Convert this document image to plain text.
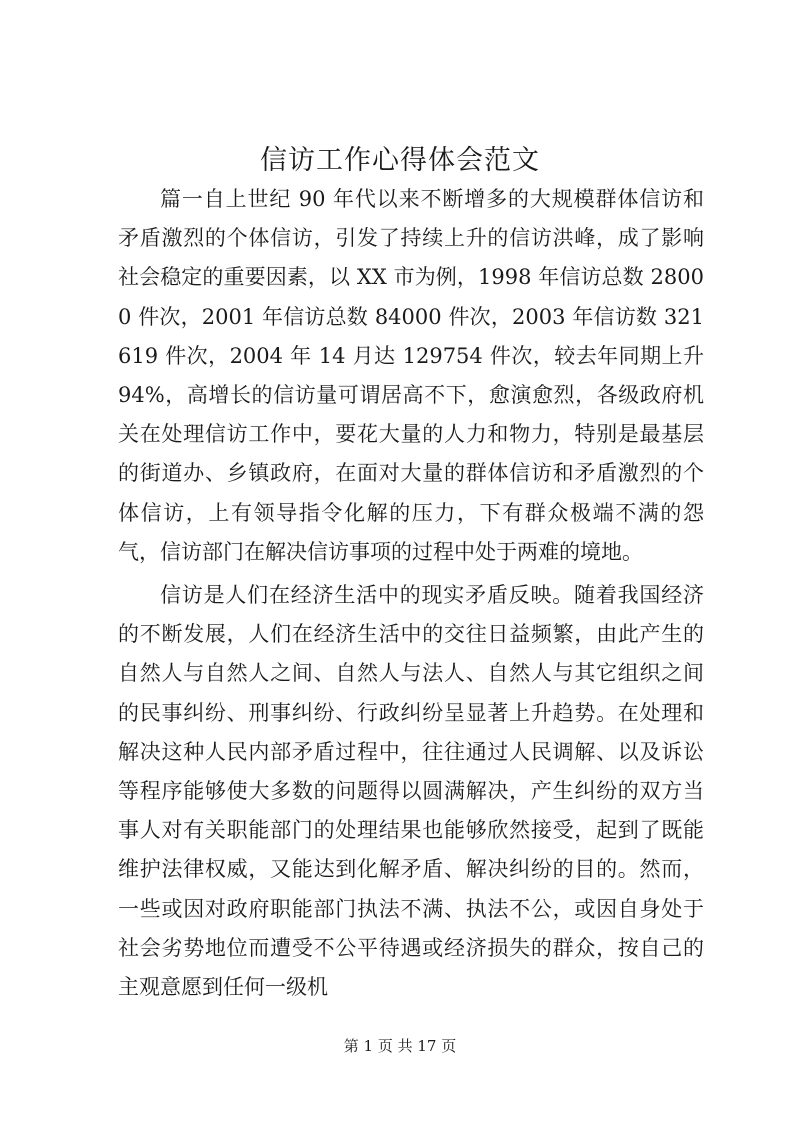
信访工作心得体会范文

篇一自上世纪 90 年代以来不断增多的大规模群体信访和矛盾激烈的个体信访，引发了持续上升的信访洪峰，成了影响社会稳定的重要因素，以 XX 市为例，1998 年信访总数 28000 件次，2001 年信访总数 84000 件次，2003 年信访数 321619 件次，2004 年 14 月达 129754 件次，较去年同期上升 94%，高增长的信访量可谓居高不下，愈演愈烈，各级政府机关在处理信访工作中，要花大量的人力和物力，特别是最基层的街道办、乡镇政府，在面对大量的群体信访和矛盾激烈的个体信访，上有领导指令化解的压力，下有群众极端不满的怨气，信访部门在解决信访事项的过程中处于两难的境地。

信访是人们在经济生活中的现实矛盾反映。随着我国经济的不断发展，人们在经济生活中的交往日益频繁，由此产生的自然人与自然人之间、自然人与法人、自然人与其它组织之间的民事纠纷、刑事纠纷、行政纠纷呈显著上升趋势。在处理和解决这种人民内部矛盾过程中，往往通过人民调解、以及诉讼等程序能够使大多数的问题得以圆满解决，产生纠纷的双方当事人对有关职能部门的处理结果也能够欣然接受，起到了既能维护法律权威，又能达到化解矛盾、解决纠纷的目的。然而，一些或因对政府职能部门执法不满、执法不公，或因自身处于社会劣势地位而遭受不公平待遇或经济损失的群众，按自己的主观意愿到任何一级机

第 1 页 共 17 页
